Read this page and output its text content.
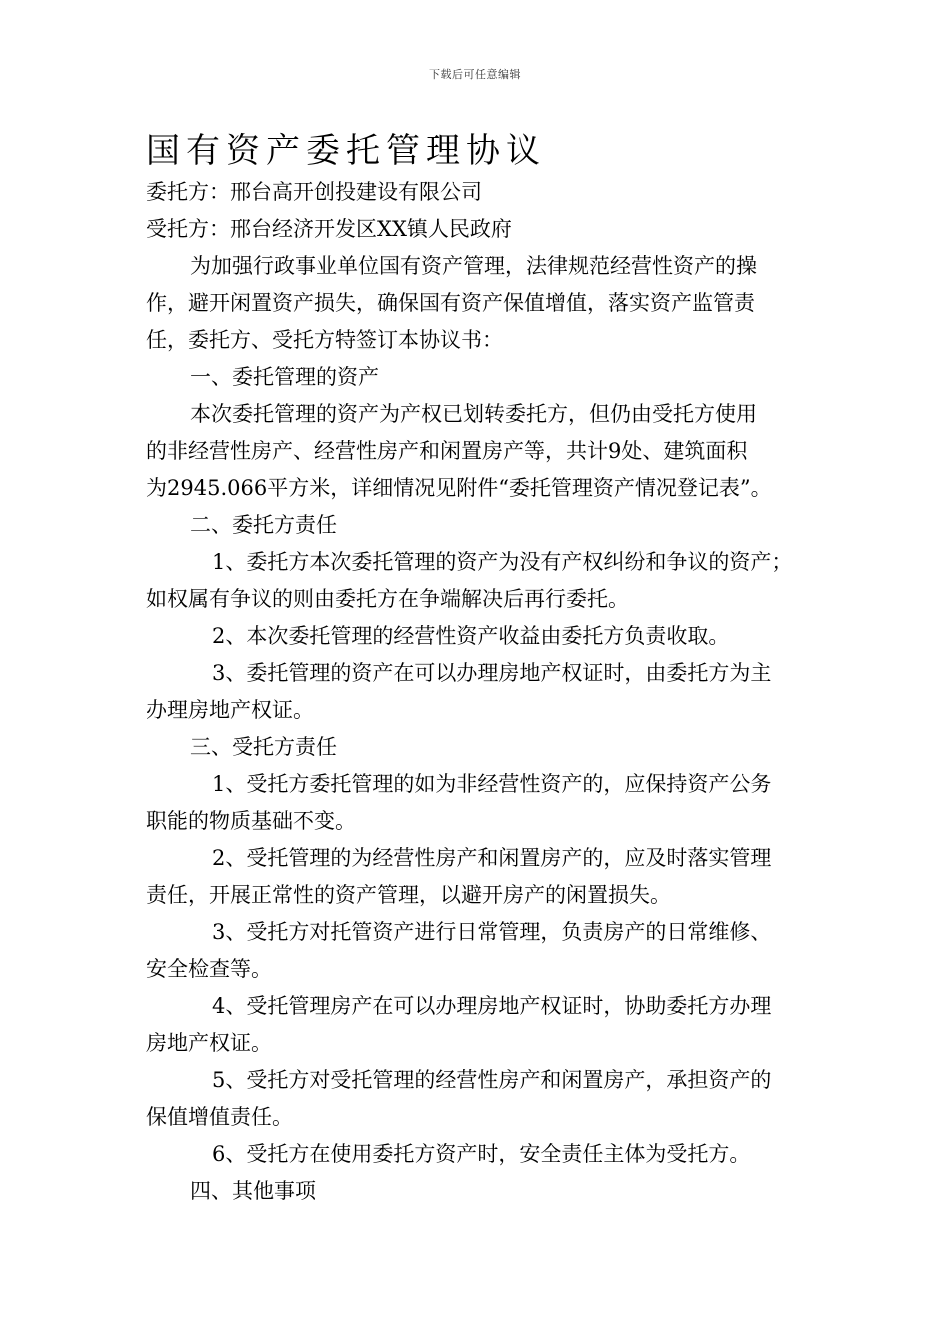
下载后可任意编辑
国有资产委托管理协议

委托方：邢台高开创投建设有限公司

受托方：邢台经济开发区XX镇人民政府

为加强行政事业单位国有资产管理，法律规范经营性资产的操

作，避开闲置资产损失，确保国有资产保值增值，落实资产监管责

任，委托方、受托方特签订本协议书：

一、委托管理的资产

本次委托管理的资产为产权已划转委托方，但仍由受托方使用

的非经营性房产、经营性房产和闲置房产等，共计9处、建筑面积

为2945.066平方米，详细情况见附件“委托管理资产情况登记表”。

二、委托方责任

1、委托方本次委托管理的资产为没有产权纠纷和争议的资产；

如权属有争议的则由委托方在争端解决后再行委托。

2、本次委托管理的经营性资产收益由委托方负责收取。

3、委托管理的资产在可以办理房地产权证时，由委托方为主

办理房地产权证。

三、受托方责任

1、受托方委托管理的如为非经营性资产的，应保持资产公务

职能的物质基础不变。

2、受托管理的为经营性房产和闲置房产的，应及时落实管理

责任，开展正常性的资产管理，以避开房产的闲置损失。

3、受托方对托管资产进行日常管理，负责房产的日常维修、

安全检查等。

4、受托管理房产在可以办理房地产权证时，协助委托方办理

房地产权证。

5、受托方对受托管理的经营性房产和闲置房产，承担资产的

保值增值责任。

6、受托方在使用委托方资产时，安全责任主体为受托方。

四、其他事项
